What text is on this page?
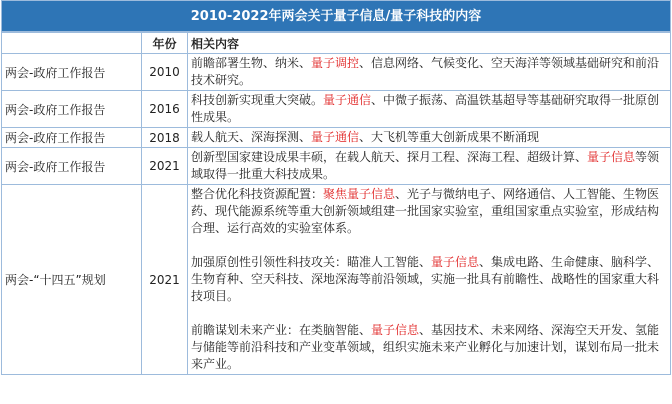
2010-2022年两会关于量子信息/量子科技的内容
	年份	相关内容
两会-政府工作报告	2010	前瞻部署生物、纳米、量子调控、信息网络、气候变化、空天海洋等领域基础研究和前沿技术研究。
两会-政府工作报告	2016	科技创新实现重大突破。量子通信、中微子振荡、高温铁基超导等基础研究取得一批原创性成果。
两会-政府工作报告	2018	载人航天、深海探测、量子通信、大飞机等重大创新成果不断涌现
两会-政府工作报告	2021	创新型国家建设成果丰硕，在载人航天、探月工程、深海工程、超级计算、量子信息等领域取得一批重大科技成果。
两会-“十四五”规划	2021	整合优化科技资源配置：聚焦量子信息、光子与微纳电子、网络通信、人工智能、生物医药、现代能源系统等重大创新领域组建一批国家实验室，重组国家重点实验室，形成结构合理、运行高效的实验室体系。
加强原创性引领性科技攻关：瞄准人工智能、量子信息、集成电路、生命健康、脑科学、生物育种、空天科技、深地深海等前沿领域，实施一批具有前瞻性、战略性的国家重大科技项目。
前瞻谋划未来产业：在类脑智能、量子信息、基因技术、未来网络、深海空天开发、氢能与储能等前沿科技和产业变革领域，组织实施未来产业孵化与加速计划，谋划布局一批未来产业。
